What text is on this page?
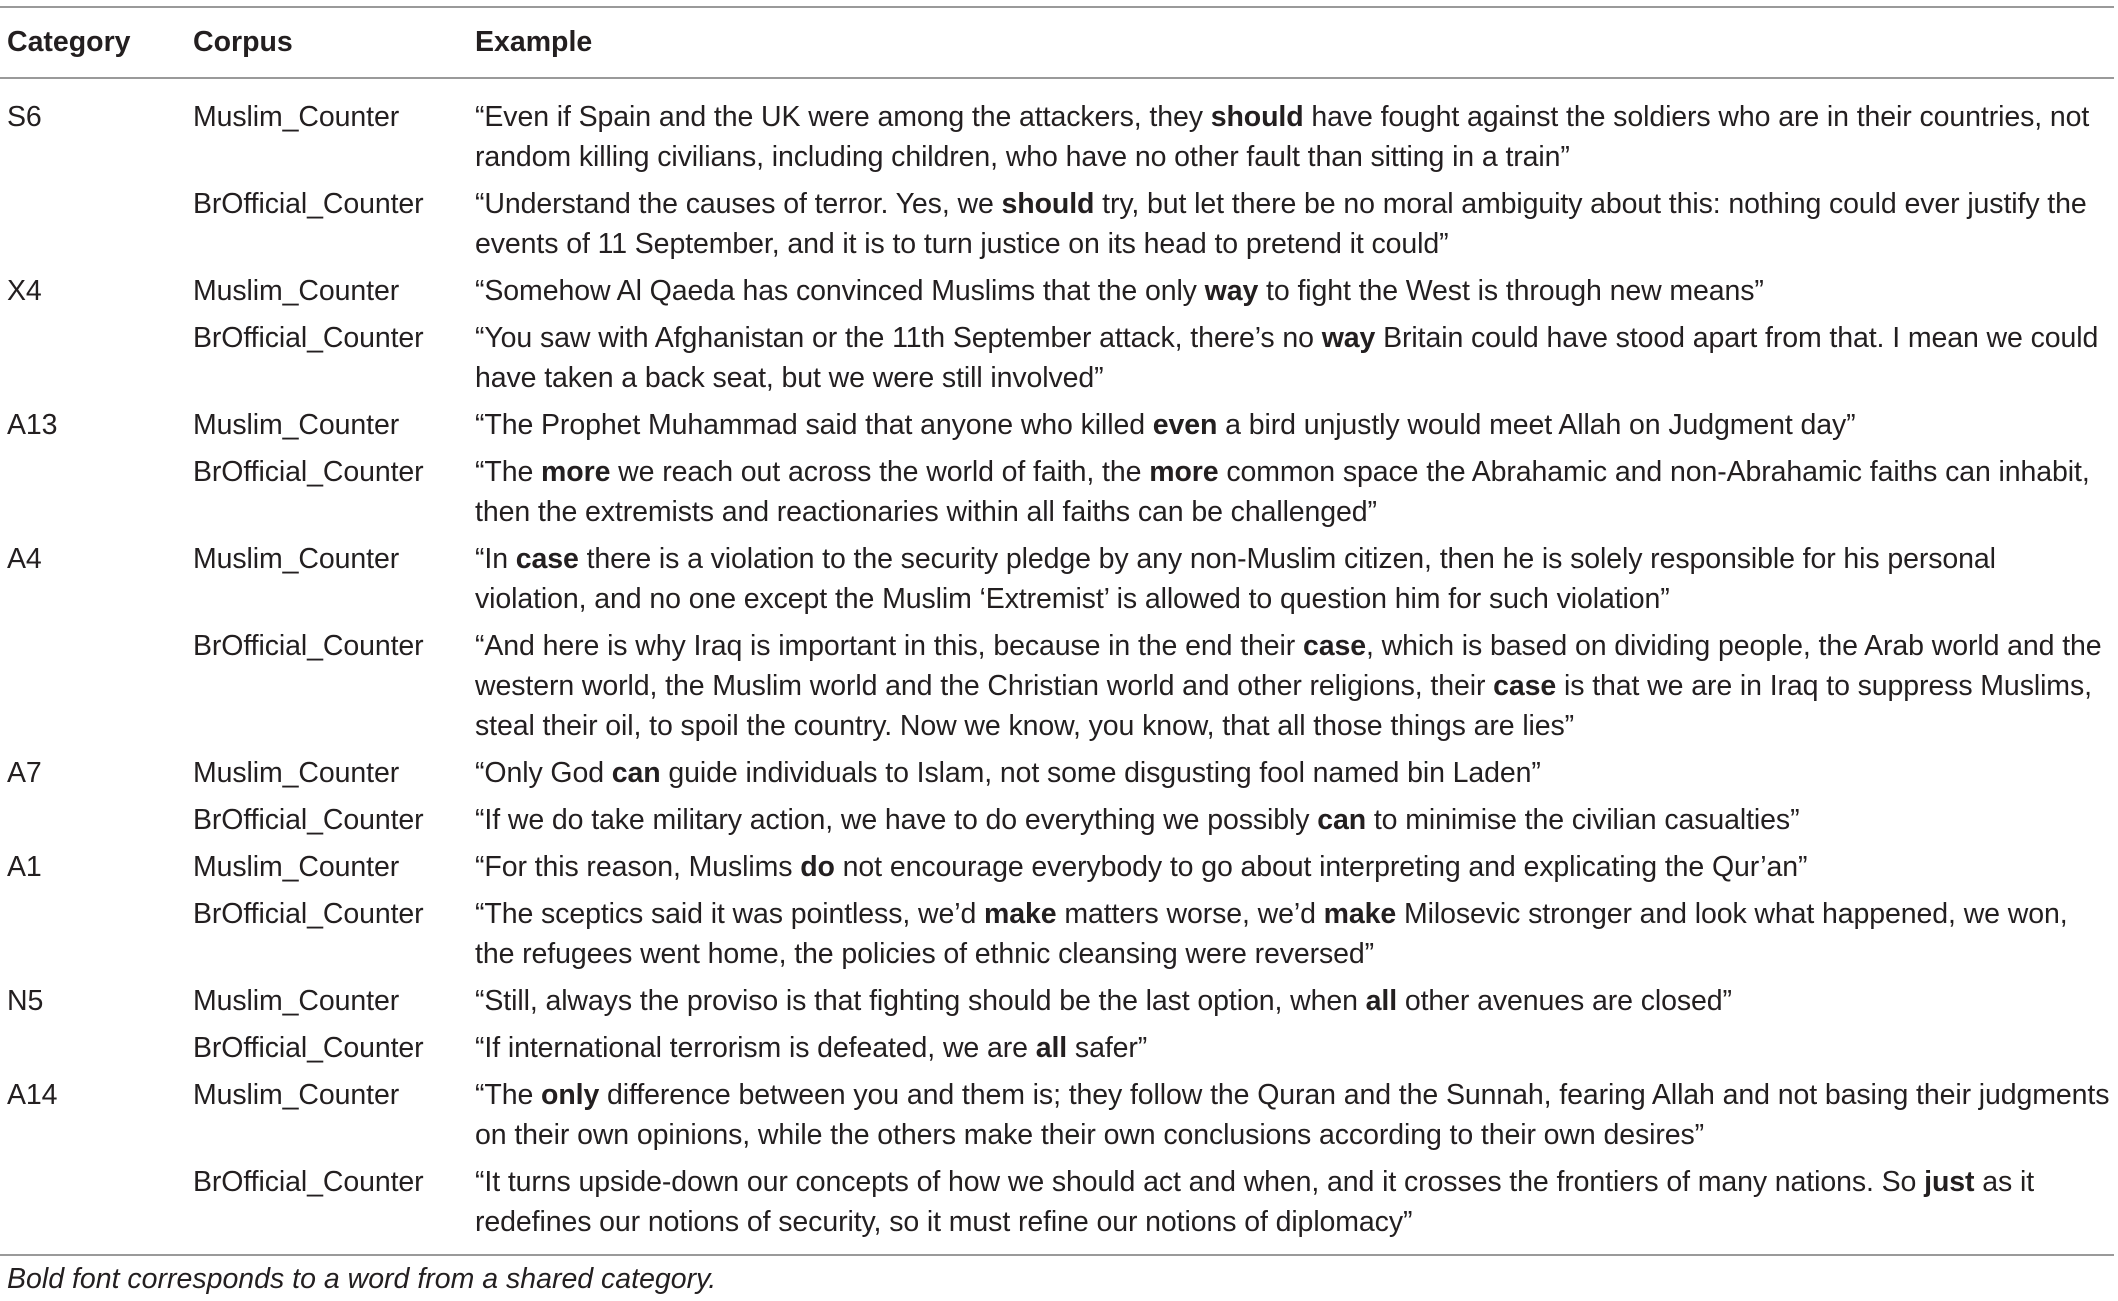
Category	Corpus	Example
S6	Muslim_Counter	“Even if Spain and the UK were among the attackers, they should have fought against the soldiers who are in their countries, not random killing civilians, including children, who have no other fault than sitting in a train”
	BrOfficial_Counter	“Understand the causes of terror. Yes, we should try, but let there be no moral ambiguity about this: nothing could ever justify the events of 11 September, and it is to turn justice on its head to pretend it could”
X4	Muslim_Counter	“Somehow Al Qaeda has convinced Muslims that the only way to fight the West is through new means”
	BrOfficial_Counter	“You saw with Afghanistan or the 11th September attack, there’s no way Britain could have stood apart from that. I mean we could have taken a back seat, but we were still involved”
A13	Muslim_Counter	“The Prophet Muhammad said that anyone who killed even a bird unjustly would meet Allah on Judgment day”
	BrOfficial_Counter	“The more we reach out across the world of faith, the more common space the Abrahamic and non-Abrahamic faiths can inhabit, then the extremists and reactionaries within all faiths can be challenged”
A4	Muslim_Counter	“In case there is a violation to the security pledge by any non-Muslim citizen, then he is solely responsible for his personal violation, and no one except the Muslim ‘Extremist’ is allowed to question him for such violation”
	BrOfficial_Counter	“And here is why Iraq is important in this, because in the end their case, which is based on dividing people, the Arab world and the western world, the Muslim world and the Christian world and other religions, their case is that we are in Iraq to suppress Muslims, steal their oil, to spoil the country. Now we know, you know, that all those things are lies”
A7	Muslim_Counter	“Only God can guide individuals to Islam, not some disgusting fool named bin Laden”
	BrOfficial_Counter	“If we do take military action, we have to do everything we possibly can to minimise the civilian casualties”
A1	Muslim_Counter	“For this reason, Muslims do not encourage everybody to go about interpreting and explicating the Qur’an”
	BrOfficial_Counter	“The sceptics said it was pointless, we’d make matters worse, we’d make Milosevic stronger and look what happened, we won, the refugees went home, the policies of ethnic cleansing were reversed”
N5	Muslim_Counter	“Still, always the proviso is that fighting should be the last option, when all other avenues are closed”
	BrOfficial_Counter	“If international terrorism is defeated, we are all safer”
A14	Muslim_Counter	“The only difference between you and them is; they follow the Quran and the Sunnah, fearing Allah and not basing their judgments on their own opinions, while the others make their own conclusions according to their own desires”
	BrOfficial_Counter	“It turns upside-down our concepts of how we should act and when, and it crosses the frontiers of many nations. So just as it redefines our notions of security, so it must refine our notions of diplomacy”
Bold font corresponds to a word from a shared category.
